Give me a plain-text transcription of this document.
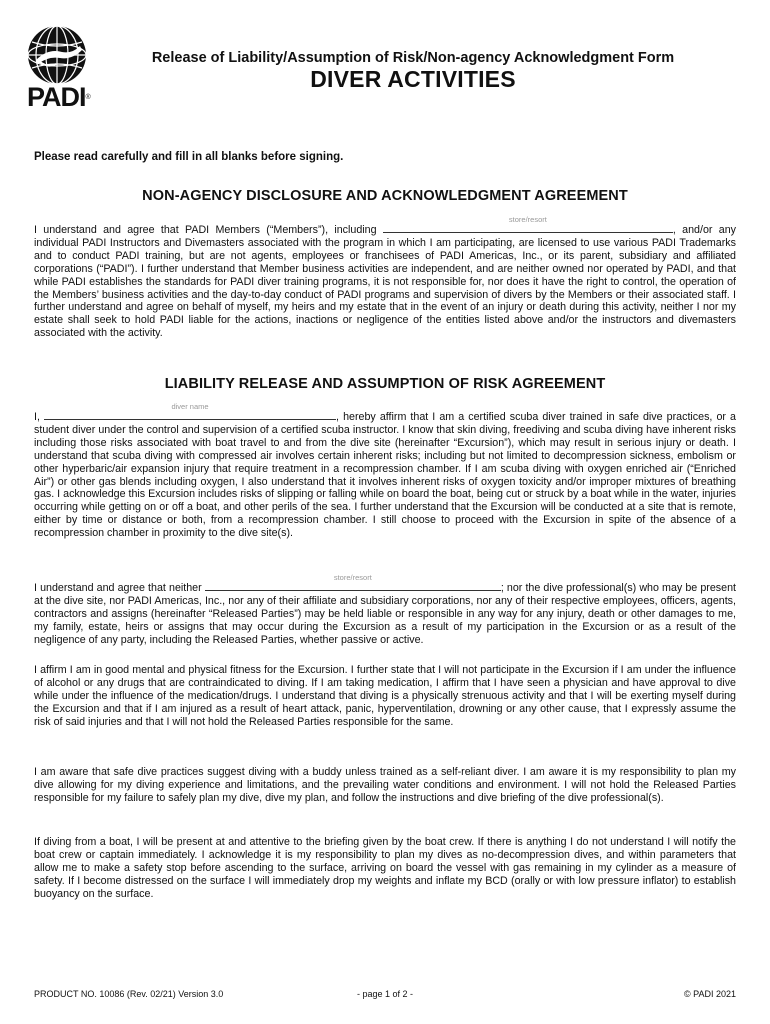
PADI®
Release of Liability/Assumption of Risk/Non-agency Acknowledgment Form
DIVER ACTIVITIES
Please read carefully and fill in all blanks before signing.
NON-AGENCY DISCLOSURE AND ACKNOWLEDGMENT AGREEMENT
I understand and agree that PADI Members (“Members”), including
store/resort
, and/or any individual PADI Instructors and Divemasters associated with the program in which I am participating, are licensed to use various PADI Trademarks and to conduct PADI training, but are not agents, employees or franchisees of PADI Americas, Inc., or its parent, subsidiary and affiliated corporations (“PADI”). I further understand that Member business activities are independent, and are neither owned nor operated by PADI, and that while PADI establishes the standards for PADI diver training programs, it is not responsible for, nor does it have the right to control, the operation of the Members’ business activities and the day-to-day conduct of PADI programs and supervision of divers by the Members or their associated staff. I further understand and agree on behalf of myself, my heirs and my estate that in the event of an injury or death during this activity, neither I nor my estate shall seek to hold PADI liable for the actions, inactions or negligence of the entities listed above and/or the instructors and divemasters associated with the activity.
LIABILITY RELEASE AND ASSUMPTION OF RISK AGREEMENT
I,
diver name
, hereby affirm that I am a certified scuba diver trained in safe dive practices, or a student diver under the control and supervision of a certified scuba instructor. I know that skin diving, freediving and scuba diving have inherent risks including those risks associated with boat travel to and from the dive site (hereinafter “Excursion”), which may result in serious injury or death. I understand that scuba diving with compressed air involves certain inherent risks; including but not limited to decompression sickness, embolism or other hyperbaric/air expansion injury that require treatment in a recompression chamber. If I am scuba diving with oxygen enriched air (“Enriched Air”) or other gas blends including oxygen, I also understand that it involves inherent risks of oxygen toxicity and/or improper mixtures of breathing gas. I acknowledge this Excursion includes risks of slipping or falling while on board the boat, being cut or struck by a boat while in the water, injuries occurring while getting on or off a boat, and other perils of the sea. I further understand that the Excursion will be conducted at a site that is remote, either by time or distance or both, from a recompression chamber. I still choose to proceed with the Excursion in spite of the absence of a recompression chamber in proximity to the dive site(s).
I understand and agree that neither
store/resort
; nor the dive professional(s) who may be present at the dive site, nor PADI Americas, Inc., nor any of their affiliate and subsidiary corporations, nor any of their respective employees, officers, agents, contractors and assigns (hereinafter “Released Parties”) may be held liable or responsible in any way for any injury, death or other damages to me, my family, estate, heirs or assigns that may occur during the Excursion as a result of my participation in the Excursion or as a result of the negligence of any party, including the Released Parties, whether passive or active.
I affirm I am in good mental and physical fitness for the Excursion. I further state that I will not participate in the Excursion if I am under the influence of alcohol or any drugs that are contraindicated to diving. If I am taking medication, I affirm that I have seen a physician and have approval to dive while under the influence of the medication/drugs. I understand that diving is a physically strenuous activity and that I will be exerting myself during the Excursion and that if I am injured as a result of heart attack, panic, hyperventilation, drowning or any other cause, that I expressly assume the risk of said injuries and that I will not hold the Released Parties responsible for the same.
I am aware that safe dive practices suggest diving with a buddy unless trained as a self-reliant diver. I am aware it is my responsibility to plan my dive allowing for my diving experience and limitations, and the prevailing water conditions and environment. I will not hold the Released Parties responsible for my failure to safely plan my dive, dive my plan, and follow the instructions and dive briefing of the dive professional(s).
If diving from a boat, I will be present at and attentive to the briefing given by the boat crew. If there is anything I do not understand I will notify the boat crew or captain immediately. I acknowledge it is my responsibility to plan my dives as no-decompression dives, and within parameters that allow me to make a safety stop before ascending to the surface, arriving on board the vessel with gas remaining in my cylinder as a measure of safety. If I become distressed on the surface I will immediately drop my weights and inflate my BCD (orally or with low pressure inflator) to establish buoyancy on the surface.
PRODUCT NO. 10086 (Rev. 02/21) Version 3.0	- page 1 of 2 -	© PADI 2021
